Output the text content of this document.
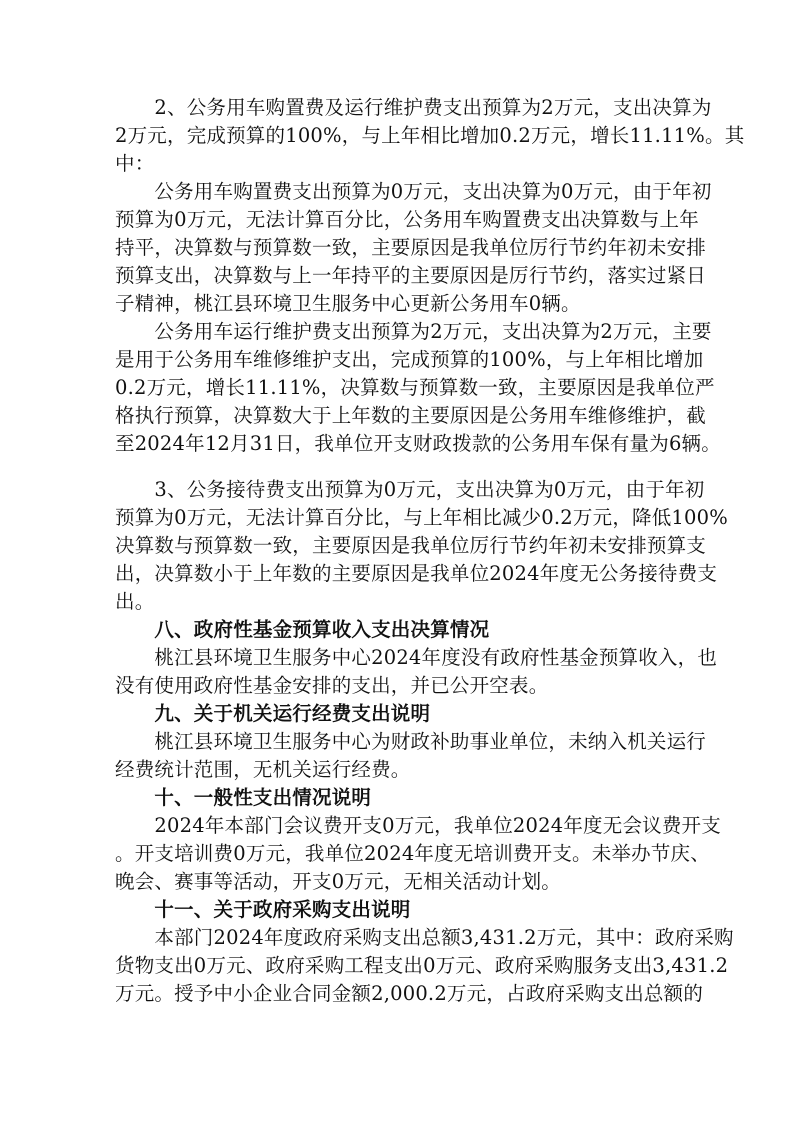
　　2、公务用车购置费及运行维护费支出预算为2万元，支出决算为
2万元，完成预算的100%，与上年相比增加0.2万元，增长11.11%。其
中：
　　公务用车购置费支出预算为0万元，支出决算为0万元，由于年初
预算为0万元，无法计算百分比，公务用车购置费支出决算数与上年
持平，决算数与预算数一致，主要原因是我单位厉行节约年初未安排
预算支出，决算数与上一年持平的主要原因是厉行节约，落实过紧日
子精神，桃江县环境卫生服务中心更新公务用车0辆。
　　公务用车运行维护费支出预算为2万元，支出决算为2万元，主要
是用于公务用车维修维护支出，完成预算的100%，与上年相比增加
0.2万元，增长11.11%，决算数与预算数一致，主要原因是我单位严
格执行预算，决算数大于上年数的主要原因是公务用车维修维护，截
至2024年12月31日，我单位开支财政拨款的公务用车保有量为6辆。
　　3、公务接待费支出预算为0万元，支出决算为0万元，由于年初
预算为0万元，无法计算百分比，与上年相比减少0.2万元，降低100%
决算数与预算数一致，主要原因是我单位厉行节约年初未安排预算支
出，决算数小于上年数的主要原因是我单位2024年度无公务接待费支
出。
　　八、政府性基金预算收入支出决算情况
　　桃江县环境卫生服务中心2024年度没有政府性基金预算收入，也
没有使用政府性基金安排的支出，并已公开空表。
　　九、关于机关运行经费支出说明
　　桃江县环境卫生服务中心为财政补助事业单位，未纳入机关运行
经费统计范围，无机关运行经费。
　　十、一般性支出情况说明
　　2024年本部门会议费开支0万元，我单位2024年度无会议费开支
。开支培训费0万元，我单位2024年度无培训费开支。未举办节庆、
晚会、赛事等活动，开支0万元，无相关活动计划。
　　十一、关于政府采购支出说明
　　本部门2024年度政府采购支出总额3,431.2万元，其中：政府采购
货物支出0万元、政府采购工程支出0万元、政府采购服务支出3,431.2
万元。授予中小企业合同金额2,000.2万元，占政府采购支出总额的
